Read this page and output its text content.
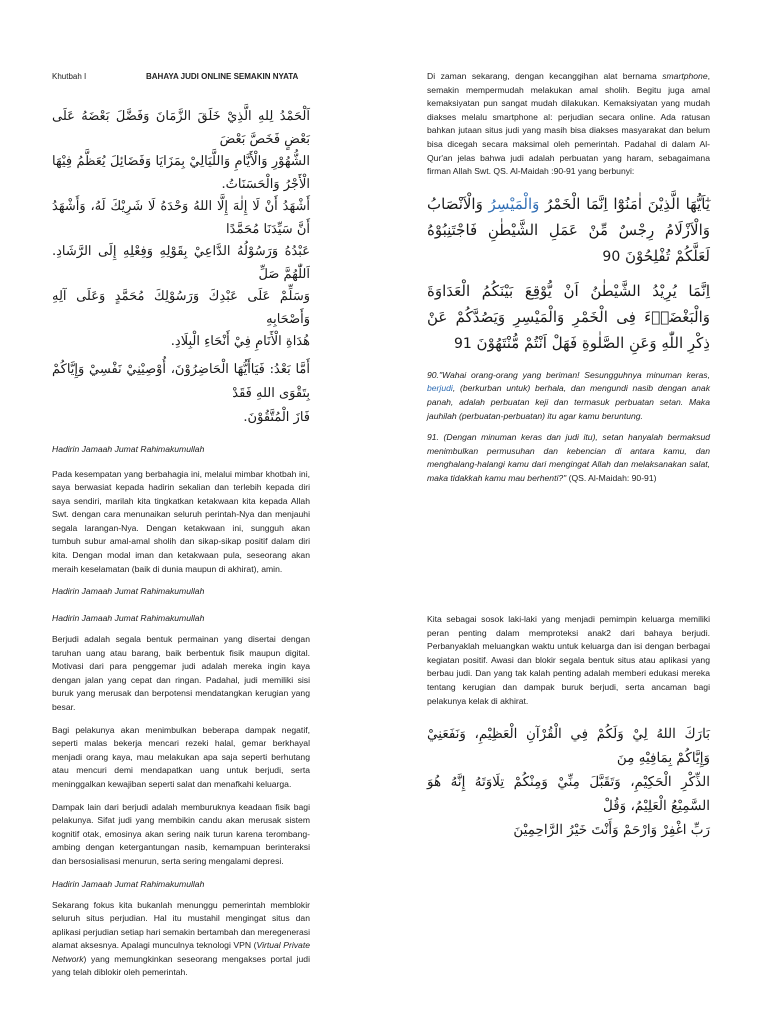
Khutbah I	BAHAYA JUDI ONLINE SEMAKIN NYATA
اَلْحَمْدُ لِلهِ الَّذِيْ خَلَقَ الزَّمَانَ وَفَضَّلَ بَعْضَهُ عَلَى بَعْضٍ فَخَصَّ بَعْضَ
الشُّهُوْرِ وَالْأَيَّامِ وَاللَّيَالِيْ بِمَزَايَا وَفَضَائِلَ يُعَظَّمُ فِيْهَا الْأَجْرُ وَالْحَسَنَاتُ.
أَشْهَدُ أَنْ لَا إِلٰهَ إِلَّا اللهُ وَحْدَهُ لَا شَرِيْكَ لَهُ، وَأَشْهَدُ أَنَّ سَيِّدَنَا مُحَمَّدًا
عَبْدُهُ وَرَسُوْلُهُ الدَّاعِيْ بِقَوْلِهِ وَفِعْلِهِ إِلَى الرَّشَادِ. اَللّٰهُمَّ صَلِّ
وَسَلِّمْ عَلَى عَبْدِكَ وَرَسُوْلِكَ مُحَمَّدٍ وَعَلَى آلِهِ وَأَصْحَابِهِ
هُدَاةِ الْأَنَامِ فِيْ أَنْحَاءِ الْبِلَادِ.
أَمَّا بَعْدُ: فَيَاأَيُّهَا الْحَاضِرُوْنَ، أُوْصِيْنِيْ نَفْسِيْ وَإِيَّاكُمْ بِتَقْوَى اللهِ فَقَدْ
فَازَ الْمُتَّقُوْنَ.

Hadirin Jamaah Jumat Rahimakumullah

Pada kesempatan yang berbahagia ini, melalui mimbar khotbah ini, saya berwasiat kepada hadirin sekalian dan terlebih kepada diri saya sendiri, marilah kita tingkatkan ketakwaan kita kepada Allah Swt. dengan cara menunaikan seluruh perintah-Nya dan menjauhi segala larangan-Nya. Dengan ketakwaan ini, sungguh akan tumbuh subur amal-amal sholih dan sikap-sikap positif dalam diri kita. Dengan modal iman dan ketakwaan pula, seseorang akan meraih keselamatan (baik di dunia maupun di akhirat), amin.

Hadirin Jamaah Jumat Rahimakumullah

Di zaman sekarang, dengan kecanggihan alat bernama smartphone, semakin mempermudah melakukan amal sholih. Begitu juga amal kemaksiyatan pun sangat mudah dilakukan. Kemaksiyatan yang mudah diakses melalu smartphone al: perjudian secara online. Ada ratusan bahkan jutaan situs judi yang masih bisa diakses masyarakat dan belum bisa dicegah secara maksimal oleh pemerintah. Padahal di dalam Al-Qur'an jelas bahwa judi adalah perbuatan yang haram, sebagaimana firman Allah Swt. QS. Al-Maidah :90-91 yang berbunyi:

يٰٓاَيُّهَا الَّذِيْنَ اٰمَنُوْٓا اِنَّمَا الْخَمْرُ وَالْمَيْسِرُ وَالْاَنْصَابُ وَالْاَزْلَامُ رِجْسٌ مِّنْ عَمَلِ الشَّيْطٰنِ فَاجْتَنِبُوْهُ لَعَلَّكُمْ تُفْلِحُوْنَ 90
اِنَّمَا يُرِيْدُ الشَّيْطٰنُ اَنْ يُّوْقِعَ بَيْنَكُمُ الْعَدَاوَةَ وَالْبَغْضَاۤءَ فِى الْخَمْرِ وَالْمَيْسِرِ وَيَصُدَّكُمْ عَنْ ذِكْرِ اللّٰهِ وَعَنِ الصَّلٰوةِ فَهَلْ اَنْتُمْ مُّنْتَهُوْنَ 91

90."Wahai orang-orang yang beriman! Sesungguhnya minuman keras, berjudi, (berkurban untuk) berhala, dan mengundi nasib dengan anak panah, adalah perbuatan keji dan termasuk perbuatan setan. Maka jauhilah (perbuatan-perbuatan) itu agar kamu beruntung.

91. (Dengan minuman keras dan judi itu), setan hanyalah bermaksud menimbulkan permusuhan dan kebencian di antara kamu, dan menghalang-halangi kamu dari mengingat Allah dan melaksanakan salat, maka tidakkah kamu mau berhenti?" (QS. Al-Maidah: 90-91)

Hadirin Jamaah Jumat Rahimakumullah

Berjudi adalah segala bentuk permainan yang disertai dengan taruhan uang atau barang, baik berbentuk fisik maupun digital. Motivasi dari para penggemar judi adalah mereka ingin kaya dengan jalan yang cepat dan ringan. Padahal, judi memiliki sisi buruk yang merusak dan berpotensi mendatangkan kerugian yang besar.

Bagi pelakunya akan menimbulkan beberapa dampak negatif, seperti malas bekerja mencari rezeki halal, gemar berkhayal menjadi orang kaya, mau melakukan apa saja seperti berhutang atau mencuri demi mendapatkan uang untuk berjudi, serta meninggalkan kewajiban seperti salat dan menafkahi keluarga.

Dampak lain dari berjudi adalah memburuknya keadaan fisik bagi pelakunya. Sifat judi yang membikin candu akan merusak sistem kognitif otak, emosinya akan sering naik turun karena terombang-ambing dengan ketergantungan nasib, kemampuan berinteraksi dan bersosialisasi menurun, serta sering mengalami depresi.

Hadirin Jamaah Jumat Rahimakumullah

Sekarang fokus kita bukanlah menunggu pemerintah memblokir seluruh situs perjudian. Hal itu mustahil mengingat situs dan aplikasi perjudian setiap hari semakin bertambah dan meregenerasi alamat aksesnya. Apalagi munculnya teknologi VPN (Virtual Private Network) yang memungkinkan seseorang mengakses portal judi yang telah diblokir oleh pemerintah.

Kita sebagai sosok laki-laki yang menjadi pemimpin keluarga memiliki peran penting dalam memproteksi anak2 dari bahaya berjudi. Perbanyaklah meluangkan waktu untuk keluarga dan isi dengan berbagai kegiatan positif. Awasi dan blokir segala bentuk situs atau aplikasi yang berbau judi. Dan yang tak kalah penting adalah memberi edukasi mereka tentang kerugian dan dampak buruk berjudi, serta ancaman bagi pelakunya kelak di akhirat.

بَارَكَ اللهُ لِيْ وَلَكُمْ فِي الْقُرْآنِ الْعَظِيْمِ، وَنَفَعَنِيْ وَإِيَّاكُمْ بِمَافِيْهِ مِنَ
الذِّكْرِ الْحَكِيْمِ، وَتَقَبَّلَ مِنِّيْ وَمِنْكُمْ تِلَاوَتَهُ إِنَّهُ هُوَ السَّمِيْعُ الْعَلِيْمُ، وَقُلْ
رَبِّ اغْفِرْ وَارْحَمْ وَأَنْتَ خَيْرُ الرَّاحِمِيْنَ
